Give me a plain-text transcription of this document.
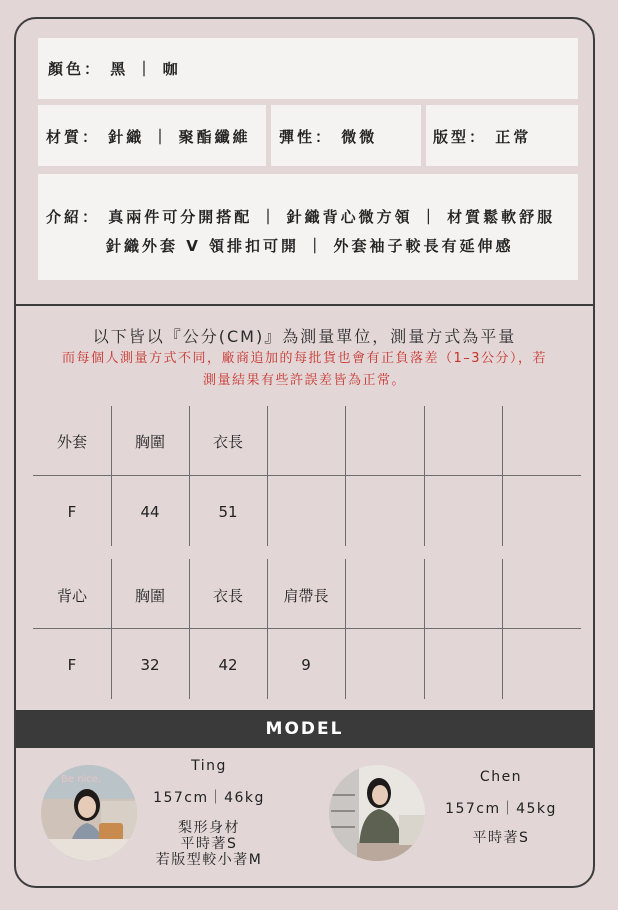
顏色： 黑 ｜ 咖
材質： 針織 ｜ 聚酯纖維 彈性： 微微	版型： 正常
介紹： 真兩件可分開搭配 ｜ 針織背心微方領 ｜ 材質鬆軟舒服
針織外套 V 領排扣可開 ｜ 外套袖子較長有延伸感
以下皆以『公分(CM)』為測量單位，測量方式為平量
而每個人測量方式不同，廠商追加的每批貨也會有正負落差（1–3公分），若測量結果有些許誤差皆為正常。
外套	胸圍	衣長
F	44	51
背心	胸圍	衣長	肩帶長
F	32	42	9
MODEL
Be nice.
Ting
157cm｜46kg
梨形身材
平時著S
若版型較小著M
Chen
157cm｜45kg
平時著S
